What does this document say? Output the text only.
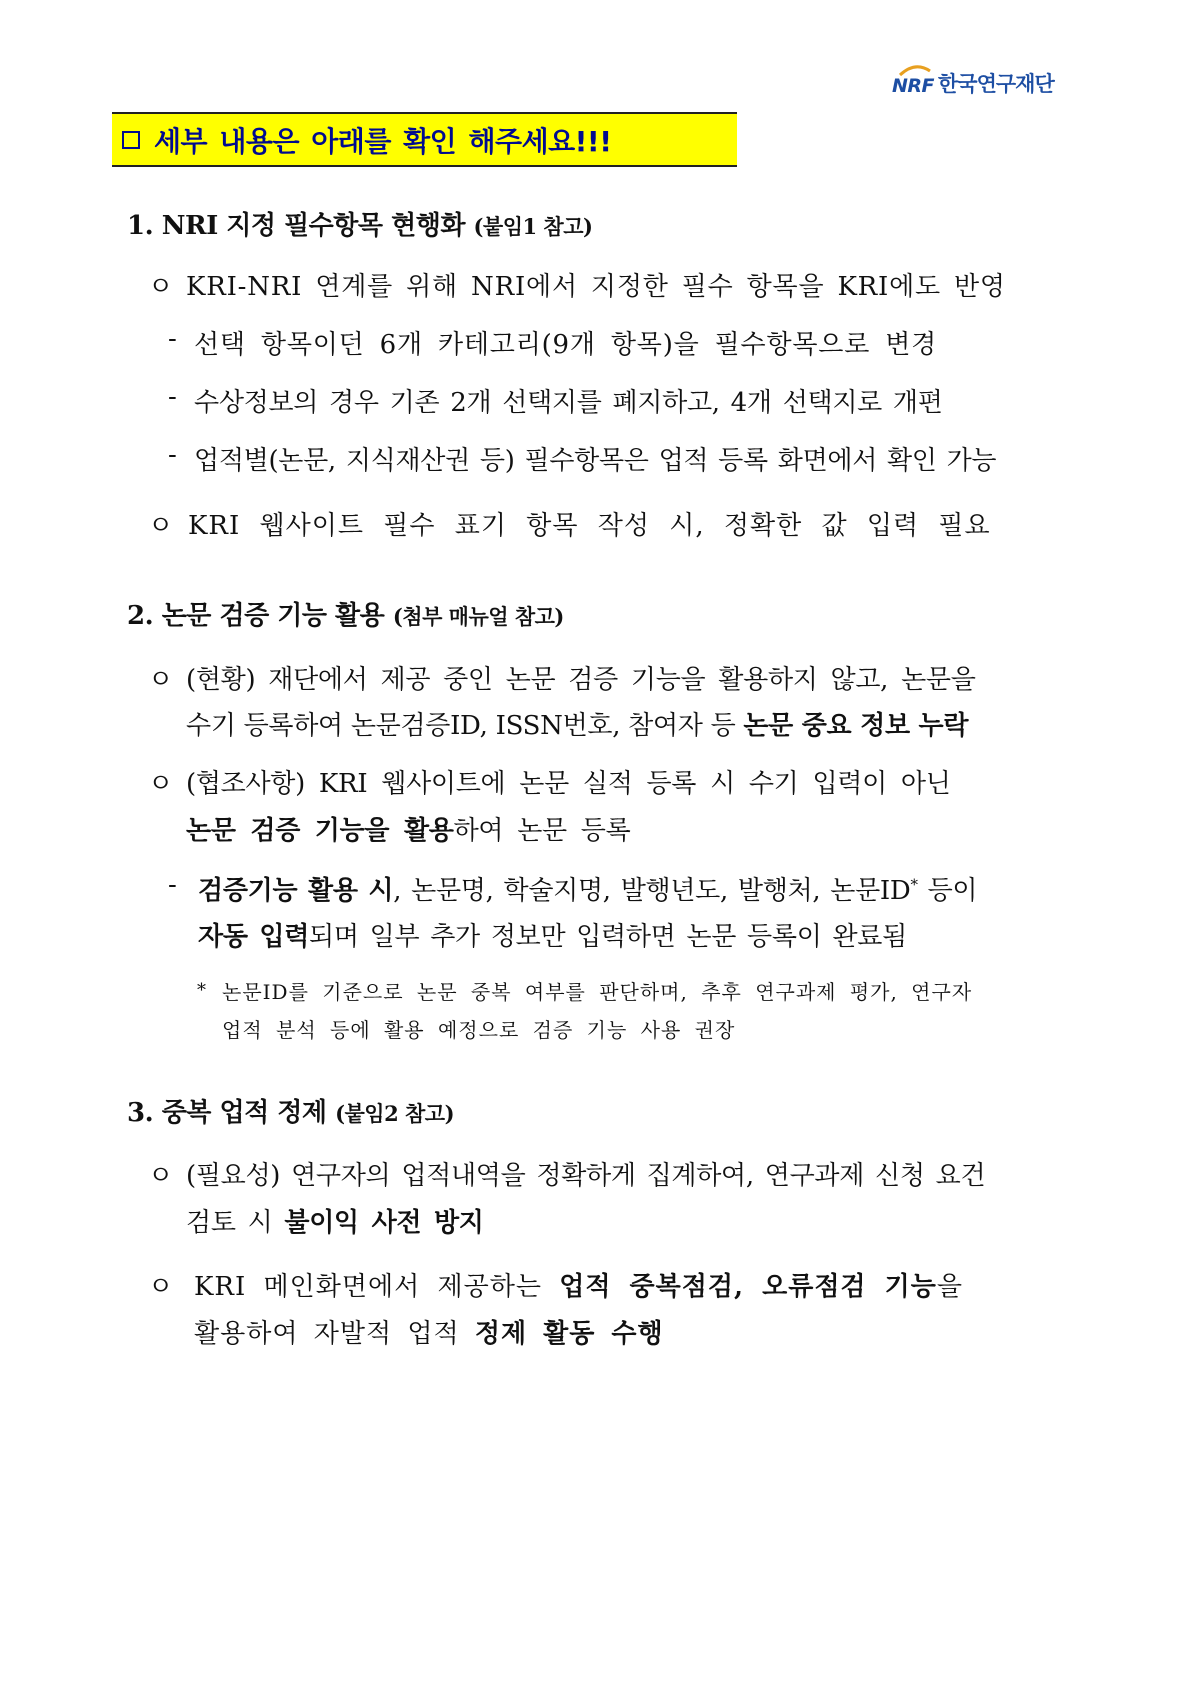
NRF 한국연구재단
세부 내용은 아래를 확인 해주세요!!!
1. NRI 지정 필수항목 현행화 (붙임1 참고)
ㅇ KRI-NRI 연계를 위해 NRI에서 지정한 필수 항목을 KRI에도 반영
- 선택 항목이던 6개 카테고리(9개 항목)을 필수항목으로 변경
- 수상정보의 경우 기존 2개 선택지를 폐지하고, 4개 선택지로 개편
- 업적별(논문, 지식재산권 등) 필수항목은 업적 등록 화면에서 확인 가능
ㅇ KRI 웹사이트 필수 표기 항목 작성 시, 정확한 값 입력 필요
2. 논문 검증 기능 활용 (첨부 매뉴얼 참고)
ㅇ (현황) 재단에서 제공 중인 논문 검증 기능을 활용하지 않고, 논문을
수기 등록하여 논문검증ID, ISSN번호, 참여자 등 논문 중요 정보 누락
ㅇ (협조사항) KRI 웹사이트에 논문 실적 등록 시 수기 입력이 아닌
논문 검증 기능을 활용하여 논문 등록
- 검증기능 활용 시, 논문명, 학술지명, 발행년도, 발행처, 논문ID* 등이
자동 입력되며 일부 추가 정보만 입력하면 논문 등록이 완료됨
* 논문ID를 기준으로 논문 중복 여부를 판단하며, 추후 연구과제 평가, 연구자
업적 분석 등에 활용 예정으로 검증 기능 사용 권장
3. 중복 업적 정제 (붙임2 참고)
ㅇ (필요성) 연구자의 업적내역을 정확하게 집계하여, 연구과제 신청 요건
검토 시 불이익 사전 방지
ㅇ KRI 메인화면에서 제공하는 업적 중복점검, 오류점검 기능을
활용하여 자발적 업적 정제 활동 수행
